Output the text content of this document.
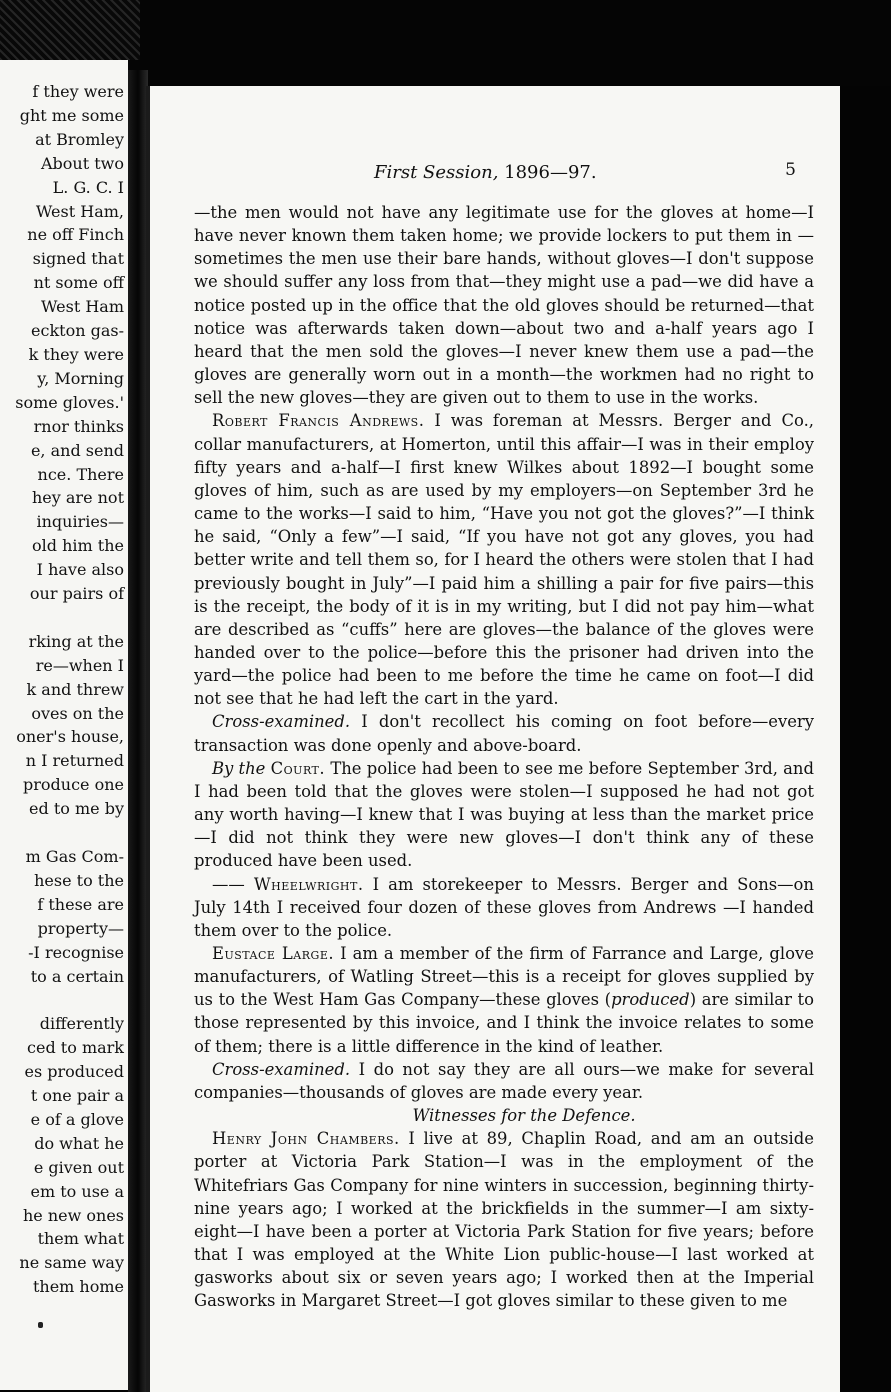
f they were
ght me some
at Bromley
About two
L. G. C. I
West Ham,
ne off Finch
signed that
nt some off
West Ham
eckton gas-
k they were
y, Morning
some gloves.'
rnor thinks
e, and send
nce. There
hey are not
inquiries—
old him the
I have also
our pairs of
rking at the
re—when I
k and threw
oves on the
oner's house,
n I returned
produce one
ed to me by
m Gas Com-
hese to the
f these are
property—
-I recognise
to a certain
differently
ced to mark
es produced
t one pair a
e of a glove
do what he
e given out
em to use a
he new ones
them what
ne same way
them home
First Session, 1896—97.	5

—the men would not have any legitimate use for the gloves at home—I have never known them taken home; we provide lockers to put them in —sometimes the men use their bare hands, without gloves—I don't suppose we should suffer any loss from that—they might use a pad—we did have a notice posted up in the office that the old gloves should be returned—that notice was afterwards taken down—about two and a-half years ago I heard that the men sold the gloves—I never knew them use a pad—the gloves are generally worn out in a month—the workmen had no right to sell the new gloves—they are given out to them to use in the works.

Robert Francis Andrews. I was foreman at Messrs. Berger and Co., collar manufacturers, at Homerton, until this affair—I was in their employ fifty years and a-half—I first knew Wilkes about 1892—I bought some gloves of him, such as are used by my employers—on September 3rd he came to the works—I said to him, “Have you not got the gloves?”—I think he said, “Only a few”—I said, “If you have not got any gloves, you had better write and tell them so, for I heard the others were stolen that I had previously bought in July”—I paid him a shilling a pair for five pairs—this is the receipt, the body of it is in my writing, but I did not pay him—what are described as “cuffs” here are gloves—the balance of the gloves were handed over to the police—before this the prisoner had driven into the yard—the police had been to me before the time he came on foot—I did not see that he had left the cart in the yard.

Cross-examined. I don't recollect his coming on foot before—every transaction was done openly and above-board.

By the Court. The police had been to see me before September 3rd, and I had been told that the gloves were stolen—I supposed he had not got any worth having—I knew that I was buying at less than the market price—I did not think they were new gloves—I don't think any of these produced have been used.

—— Wheelwright. I am storekeeper to Messrs. Berger and Sons—on July 14th I received four dozen of these gloves from Andrews —I handed them over to the police.

Eustace Large. I am a member of the firm of Farrance and Large, glove manufacturers, of Watling Street—this is a receipt for gloves supplied by us to the West Ham Gas Company—these gloves (produced) are similar to those represented by this invoice, and I think the invoice relates to some of them; there is a little difference in the kind of leather.

Cross-examined. I do not say they are all ours—we make for several companies—thousands of gloves are made every year.

Witnesses for the Defence.

Henry John Chambers. I live at 89, Chaplin Road, and am an outside porter at Victoria Park Station—I was in the employment of the Whitefriars Gas Company for nine winters in succession, beginning thirty-nine years ago; I worked at the brickfields in the summer—I am sixty-eight—I have been a porter at Victoria Park Station for five years; before that I was employed at the White Lion public-house—I last worked at gasworks about six or seven years ago; I worked then at the Imperial Gasworks in Margaret Street—I got gloves similar to these given to me
